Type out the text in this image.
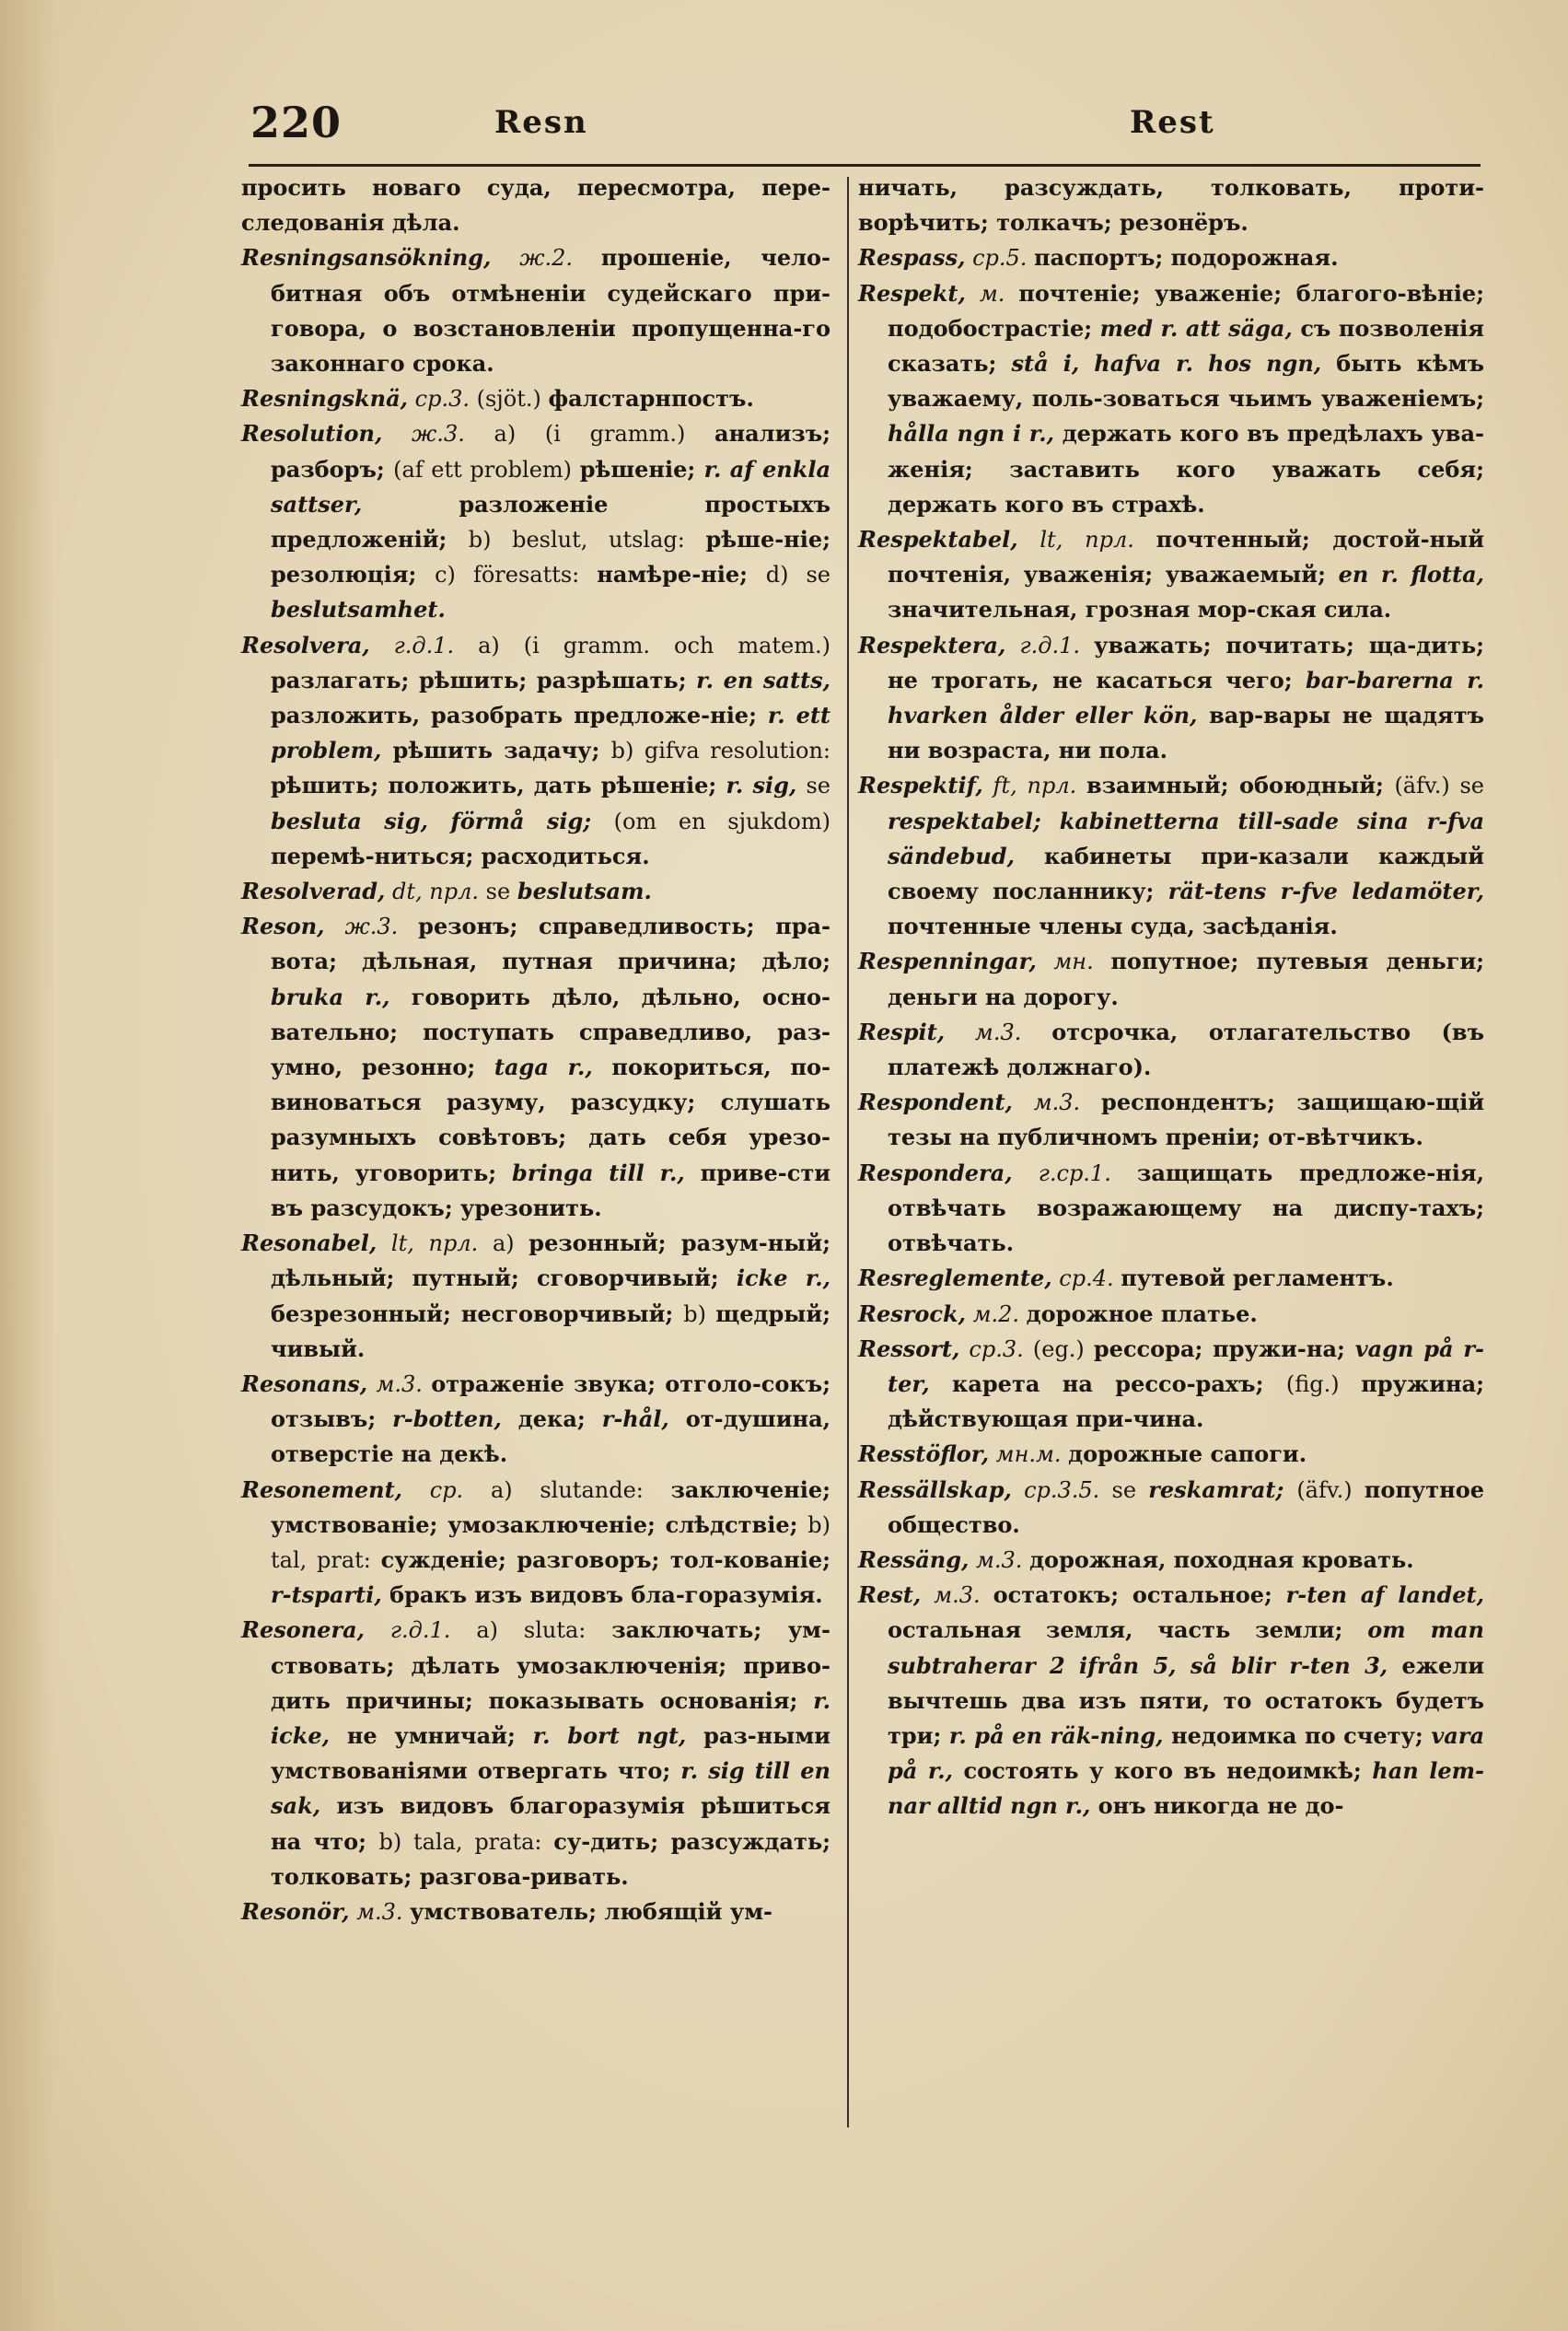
220	Resn	Rest

просить новаго суда, пересмотра, пере-следованія дѣла.

Resningsansökning, ж.2. прошеніе, чело-битная объ отмѣненіи судейскаго при-говора, о возстановленіи пропущенна-го законнаго срока.

Resningsknä, ср.3. (sjöt.) фалстарнпостъ.

Resolution, ж.3. a) (i gramm.) анализъ; разборъ; (af ett problem) рѣшеніе; r. af enkla sattser, разложеніе простыхъ предложеній; b) beslut, utslag: рѣше-ніе; резолюція; c) föresatts: намѣре-ніе; d) se beslutsamhet.

Resolvera, г.д.1. a) (i gramm. och matem.) разлагать; рѣшить; разрѣшать; r. en satts, разложить, разобрать предложе-ніе; r. ett problem, рѣшить задачу; b) gifva resolution: рѣшить; положить, дать рѣшеніе; r. sig, se besluta sig, förmå sig; (om en sjukdom) перемѣ-ниться; расходиться.

Resolverad, dt, прл. se beslutsam.

Reson, ж.3. резонъ; справедливость; пра-вота; дѣльная, путная причина; дѣло; bruka r., говорить дѣло, дѣльно, осно-вательно; поступать справедливо, раз-умно, резонно; taga r., покориться, по-виноваться разуму, разсудку; слушать разумныхъ совѣтовъ; дать себя урезо-нить, уговорить; bringa till r., приве-сти въ разсудокъ; урезонить.

Resonabel, lt, прл. a) резонный; разум-ный; дѣльный; путный; сговорчивый; icke r., безрезонный; несговорчивый; b) щедрый; чивый.

Resonans, м.3. отраженіе звука; отголо-сокъ; отзывъ; r-botten, дека; r-hål, от-душина, отверстіе на декѣ.

Resonement, ср. a) slutande: заключеніе; умствованіе; умозаключеніе; слѣдствіе; b) tal, prat: сужденіе; разговоръ; тол-кованіе; r-tsparti, бракъ изъ видовъ бла-горазумія.

Resonera, г.д.1. a) sluta: заключать; ум-ствовать; дѣлать умозаключенія; приво-дить причины; показывать основанія; r. icke, не умничай; r. bort ngt, раз-ными умствованіями отвергать что; r. sig till en sak, изъ видовъ благоразумія рѣшиться на что; b) tala, prata: су-дить; разсуждать; толковать; разгова-ривать.

Resonör, м.3. умствователь; любящій ум-

ничать, разсуждать, толковать, проти-ворѣчить; толкачъ; резонёръ.

Respass, ср.5. паспортъ; подорожная.

Respekt, м. почтеніе; уваженіе; благого-вѣніе; подобострастіе; med r. att säga, съ позволенія сказать; stå i, hafva r. hos ngn, быть кѣмъ уважаему, поль-зоваться чьимъ уваженіемъ; hålla ngn i r., держать кого въ предѣлахъ ува-женія; заставить кого уважать себя; держать кого въ страхѣ.

Respektabel, lt, прл. почтенный; достой-ный почтенія, уваженія; уважаемый; en r. flotta, значительная, грозная мор-ская сила.

Respektera, г.д.1. уважать; почитать; ща-дить; не трогать, не касаться чего; bar-barerna r. hvarken ålder eller kön, вар-вары не щадятъ ни возраста, ни пола.

Respektif, ft, прл. взаимный; обоюдный; (äfv.) se respektabel; kabinetterna till-sade sina r-fva sändebud, кабинеты при-казали каждый своему посланнику; rät-tens r-fve ledamöter, почтенные члены суда, засѣданія.

Respenningar, мн. попутное; путевыя деньги; деньги на дорогу.

Respit, м.3. отсрочка, отлагательство (въ платежѣ должнаго).

Respondent, м.3. респондентъ; защищаю-щій тезы на публичномъ преніи; от-вѣтчикъ.

Respondera, г.ср.1. защищать предложе-нія, отвѣчать возражающему на диспу-тахъ; отвѣчать.

Resreglemente, ср.4. путевой регламентъ.

Resrock, м.2. дорожное платье.

Ressort, ср.3. (eg.) рессора; пружи-на; vagn på r-ter, карета на рессо-рахъ; (fig.) пружина; дѣйствующая при-чина.

Resstöflor, мн.м. дорожные сапоги.

Ressällskap, ср.3.5. se reskamrat; (äfv.) попутное общество.

Ressäng, м.3. дорожная, походная кровать.

Rest, м.3. остатокъ; остальное; r-ten af landet, остальная земля, часть земли; om man subtraherar 2 ifrån 5, så blir r-ten 3, ежели вычтешь два изъ пяти, то остатокъ будетъ три; r. på en räk-ning, недоимка по счету; vara på r., состоять у кого въ недоимкѣ; han lem-nar alltid ngn r., онъ никогда не до-
